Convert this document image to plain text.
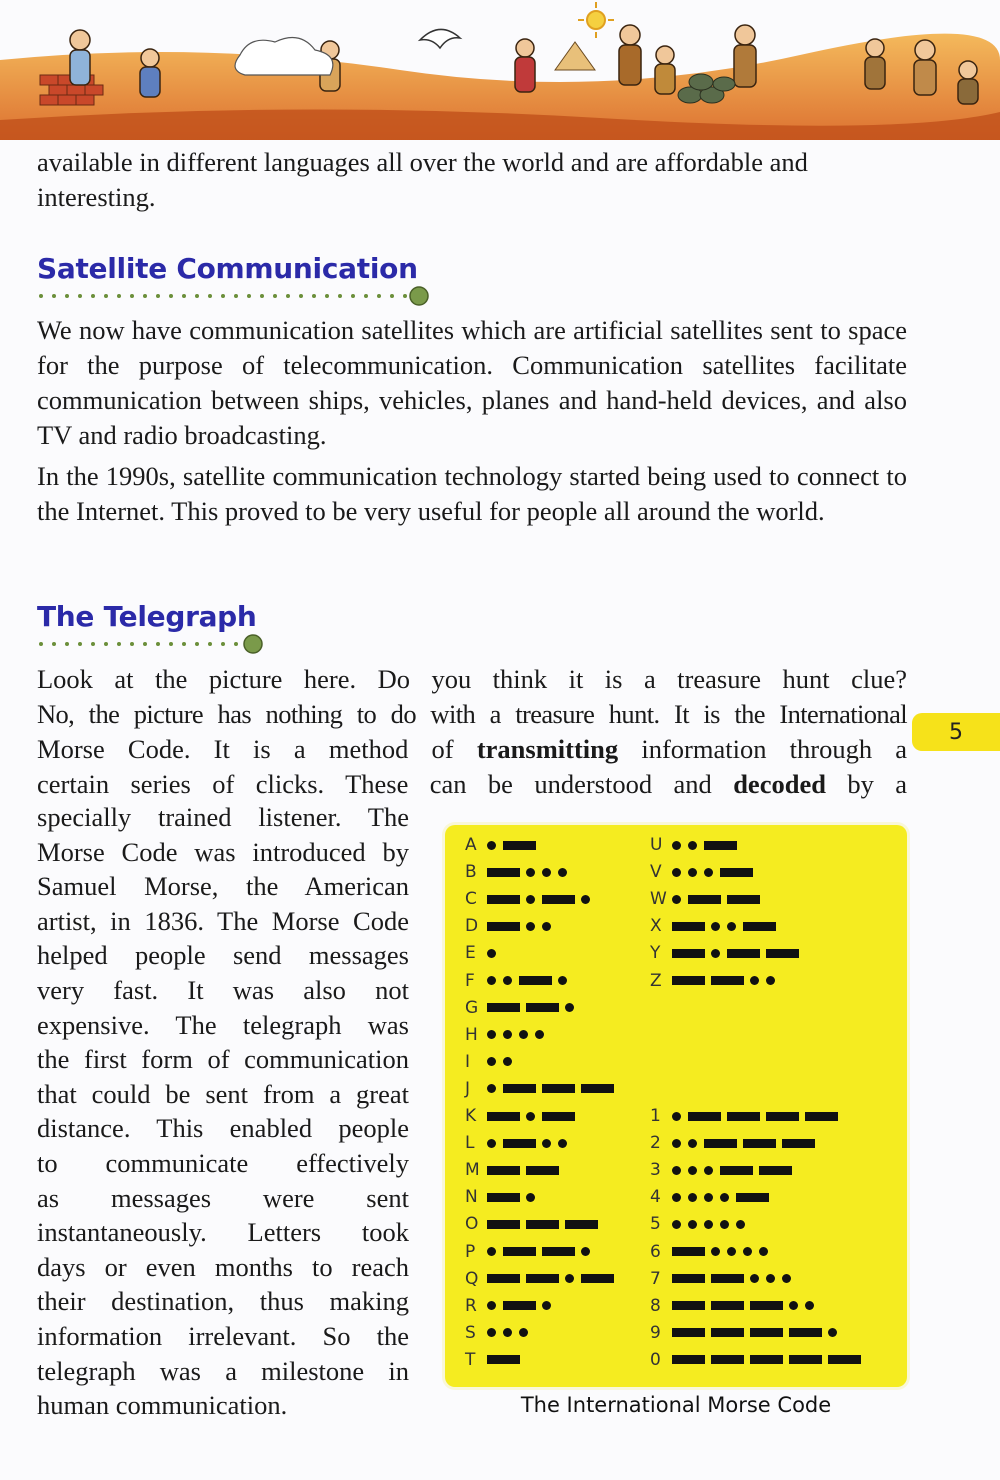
available in different languages all over the world and are affordable and interesting.

Satellite Communication

We now have communication satellites which are artificial satellites sent to space for the purpose of telecommunication. Communication satellites facilitate communication between ships, vehicles, planes and hand-held devices, and also TV and radio broadcasting.

In the 1990s, satellite communication technology started being used to connect to the Internet. This proved to be very useful for people all around the world.

The Telegraph
Look at the picture here. Do you think it is a treasure hunt clue?
No, the picture has nothing to do with a treasure hunt. It is the International
Morse Code. It is a method of transmitting information through a
certain series of clicks. These can be understood and decoded by a
5
specially trained listener. The
Morse Code was introduced by
Samuel Morse, the American
artist, in 1836. The Morse Code
helped people send messages
very fast. It was also not
expensive. The telegraph was
the first form of communication
that could be sent from a great
distance. This enabled people
to communicate effectively
as messages were sent
instantaneously. Letters took
days or even months to reach
their destination, thus making
information irrelevant. So the
telegraph was a milestone in
human communication.
A
B
C
D
E
F
G
H
I
J
K
L
M
N
O
P
Q
R
S
T
U
V
W
X
Y
Z
1
2
3
4
5
6
7
8
9
0
The International Morse Code
